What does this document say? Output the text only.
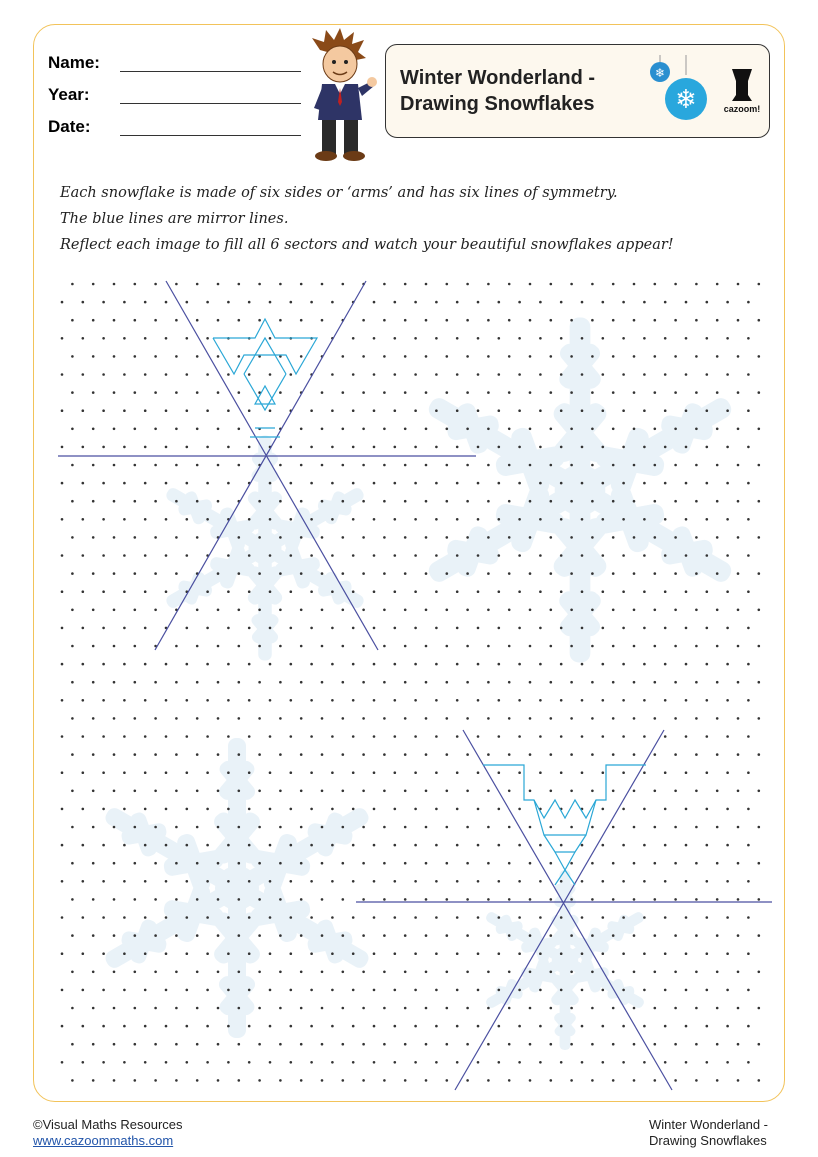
Name:
Year:
Date:
Winter Wonderland -
Drawing Snowflakes
❄
❄	cazoom!
Each snowflake is made of six sides or ‘arms’ and has six lines of symmetry.
The blue lines are mirror lines.
Reflect each image to fill all 6 sectors and watch your beautiful snowflakes appear!
©Visual Maths Resources
www.cazoommaths.com
Winter Wonderland -
Drawing Snowflakes
